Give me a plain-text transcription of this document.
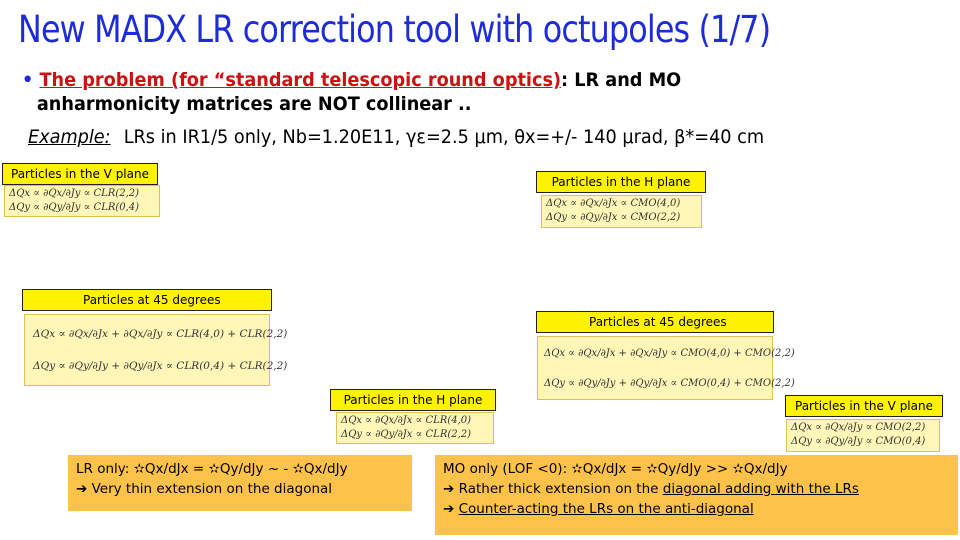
New MADX LR correction tool with octupoles (1/7)
• The problem (for “standard telescopic round optics): LR and MO
anharmonicity matrices are NOT collinear ..
Example: LRs in IR1/5 only, Nb=1.20E11, γε=2.5 μm, θx=+/- 140 μrad, β*=40 cm
Particles in the V plane
ΔQx ∝ ∂Qx/∂Jy ∝ CLR(2,2)
ΔQy ∝ ∂Qy/∂Jy ∝ CLR(0,4)
Particles in the H plane
ΔQx ∝ ∂Qx/∂Jx ∝ CMO(4,0)
ΔQy ∝ ∂Qy/∂Jx ∝ CMO(2,2)
Particles at 45 degrees
ΔQx ∝ ∂Qx/∂Jx + ∂Qx/∂Jy ∝ CLR(4,0) + CLR(2,2)
ΔQy ∝ ∂Qy/∂Jy + ∂Qy/∂Jx ∝ CLR(0,4) + CLR(2,2)
Particles at 45 degrees
ΔQx ∝ ∂Qx/∂Jx + ∂Qx/∂Jy ∝ CMO(4,0) + CMO(2,2)
ΔQy ∝ ∂Qy/∂Jy + ∂Qy/∂Jx ∝ CMO(0,4) + CMO(2,2)
Particles in the H plane
ΔQx ∝ ∂Qx/∂Jx ∝ CLR(4,0)
ΔQy ∝ ∂Qy/∂Jx ∝ CLR(2,2)
Particles in the V plane
ΔQx ∝ ∂Qx/∂Jy ∝ CMO(2,2)
ΔQy ∝ ∂Qy/∂Jy ∝ CMO(0,4)
LR only: ✫Qx/dJx = ✫Qy/dJy ~ - ✫Qx/dJy
➔ Very thin extension on the diagonal
MO only (LOF <0): ✫Qx/dJx = ✫Qy/dJy >> ✫Qx/dJy
➔ Rather thick extension on the diagonal adding with the LRs
➔ Counter-acting the LRs on the anti-diagonal
